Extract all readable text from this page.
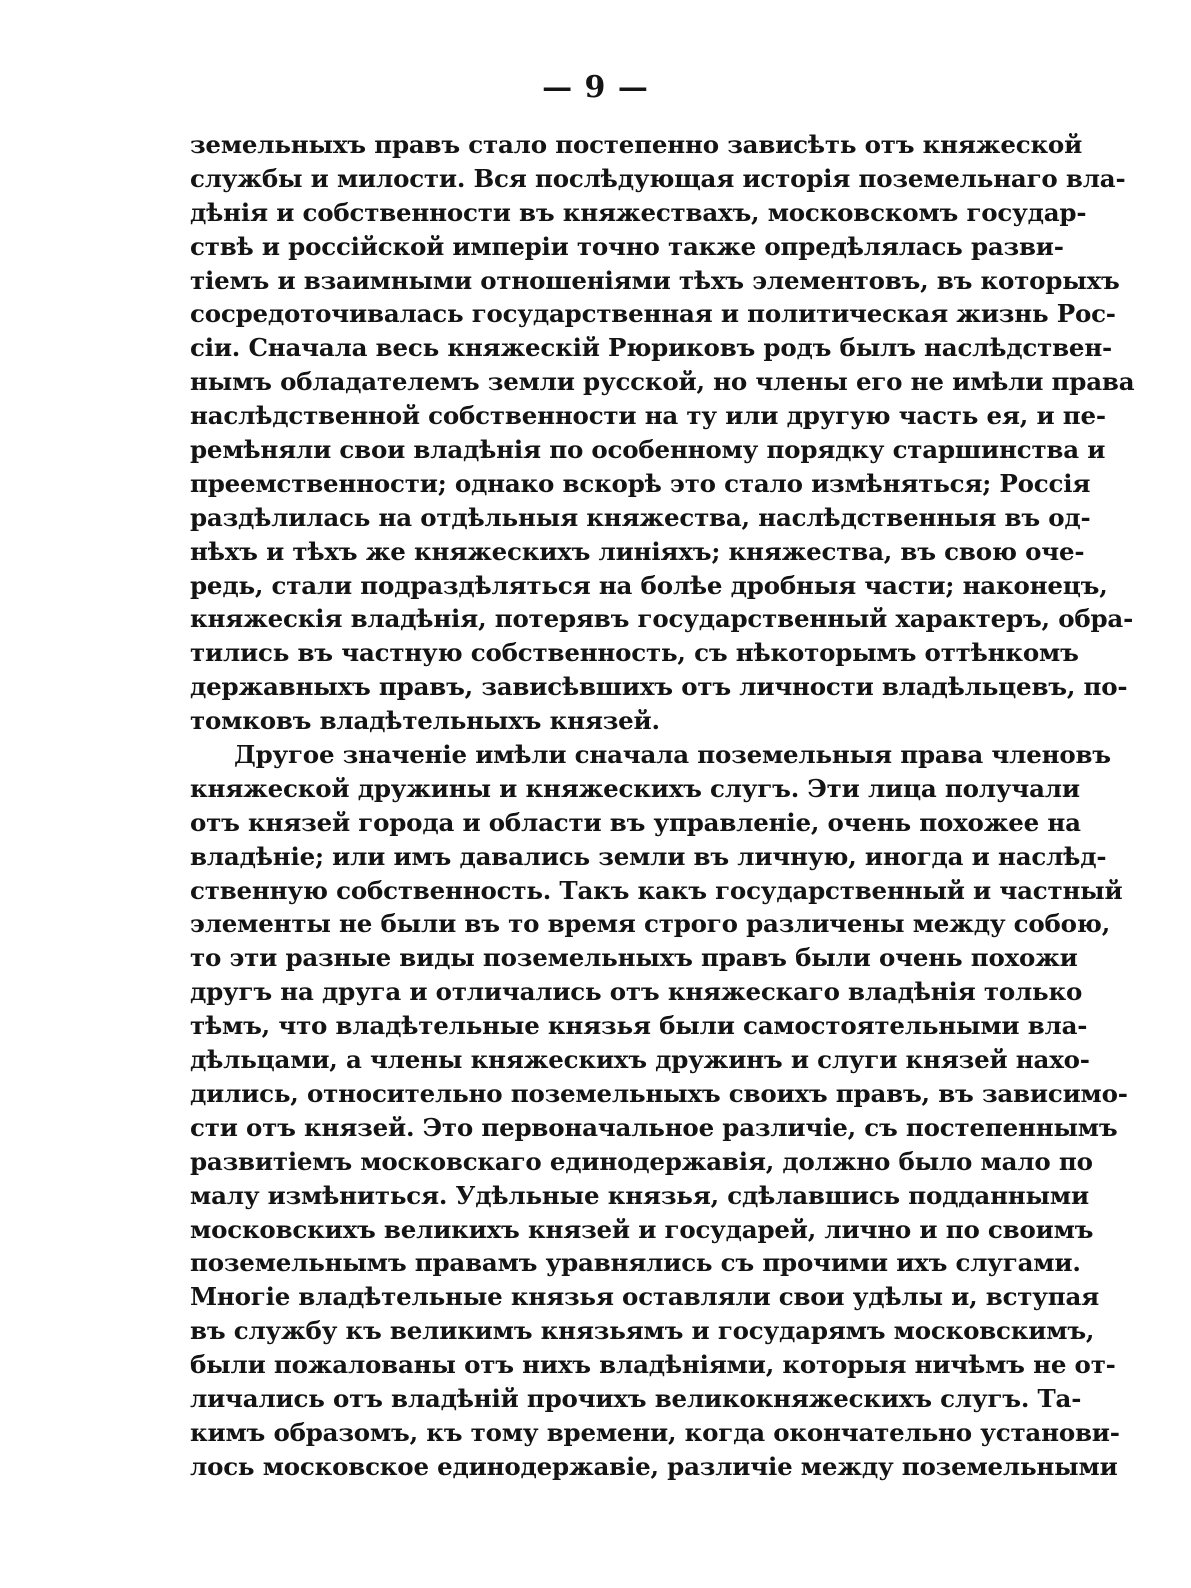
— 9 —
земельныхъ правъ стало постепенно зависѣть отъ княжеской
службы и милости. Вся послѣдующая исторія поземельнаго вла-
дѣнія и собственности въ княжествахъ, московскомъ государ-
ствѣ и россійской имперіи точно также опредѣлялась разви-
тіемъ и взаимными отношеніями тѣхъ элементовъ, въ которыхъ
сосредоточивалась государственная и политическая жизнь Рос-
сіи. Сначала весь княжескій Рюриковъ родъ былъ наслѣдствен-
нымъ обладателемъ земли русской, но члены его не имѣли права
наслѣдственной собственности на ту или другую часть ея, и пе-
ремѣняли свои владѣнія по особенному порядку старшинства и
преемственности; однако вскорѣ это стало измѣняться; Россія
раздѣлилась на отдѣльныя княжества, наслѣдственныя въ од-
нѣхъ и тѣхъ же княжескихъ линіяхъ; княжества, въ свою оче-
редь, стали подраздѣляться на болѣе дробныя части; наконецъ,
княжескія владѣнія, потерявъ государственный характеръ, обра-
тились въ частную собственность, съ нѣкоторымъ оттѣнкомъ
державныхъ правъ, зависѣвшихъ отъ личности владѣльцевъ, по-
томковъ владѣтельныхъ князей.
Другое значеніе имѣли сначала поземельныя права членовъ
княжеской дружины и княжескихъ слугъ. Эти лица получали
отъ князей города и области въ управленіе, очень похожее на
владѣніе; или имъ давались земли въ личную, иногда и наслѣд-
ственную собственность. Такъ какъ государственный и частный
элементы не были въ то время строго различены между собою,
то эти разные виды поземельныхъ правъ были очень похожи
другъ на друга и отличались отъ княжескаго владѣнія только
тѣмъ, что владѣтельные князья были самостоятельными вла-
дѣльцами, а члены княжескихъ дружинъ и слуги князей нахо-
дились, относительно поземельныхъ своихъ правъ, въ зависимо-
сти отъ князей. Это первоначальное различіе, съ постепеннымъ
развитіемъ московскаго единодержавія, должно было мало по
малу измѣниться. Удѣльные князья, сдѣлавшись подданными
московскихъ великихъ князей и государей, лично и по своимъ
поземельнымъ правамъ уравнялись съ прочими ихъ слугами.
Многіе владѣтельные князья оставляли свои удѣлы и, вступая
въ службу къ великимъ князьямъ и государямъ московскимъ,
были пожалованы отъ нихъ владѣніями, которыя ничѣмъ не от-
личались отъ владѣній прочихъ великокняжескихъ слугъ. Та-
кимъ образомъ, къ тому времени, когда окончательно установи-
лось московское единодержавіе, различіе между поземельными
